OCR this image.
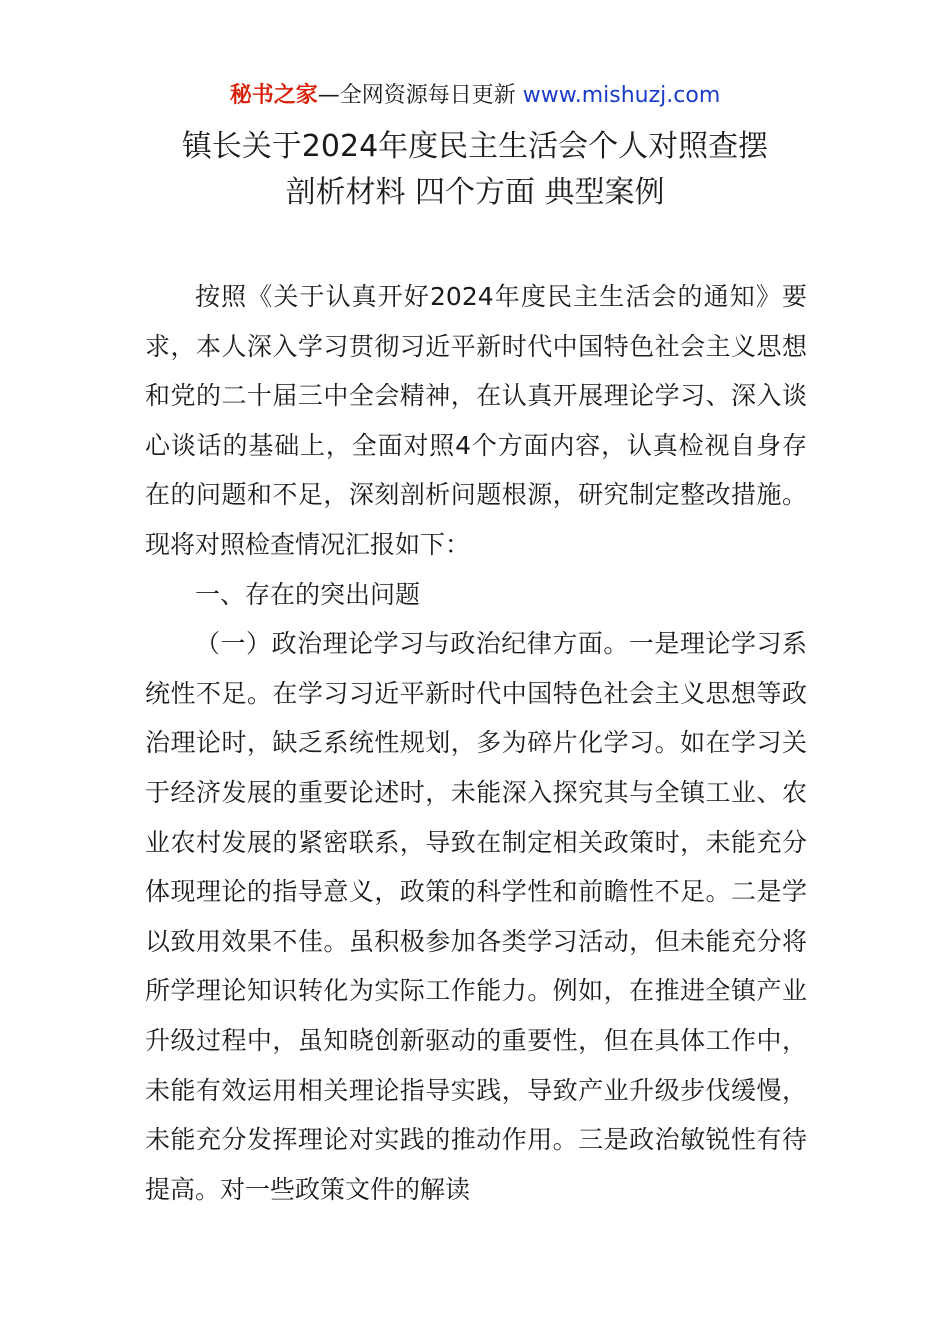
秘书之家—全网资源每日更新 www.mishuzj.com
镇长关于2024年度民主生活会个人对照查摆
剖析材料 四个方面 典型案例

按照《关于认真开好2024年度民主生活会的通知》要求，本人深入学习贯彻习近平新时代中国特色社会主义思想和党的二十届三中全会精神，在认真开展理论学习、深入谈心谈话的基础上，全面对照4个方面内容，认真检视自身存在的问题和不足，深刻剖析问题根源，研究制定整改措施。现将对照检查情况汇报如下：

一、存在的突出问题

（一）政治理论学习与政治纪律方面。一是理论学习系统性不足。在学习习近平新时代中国特色社会主义思想等政治理论时，缺乏系统性规划，多为碎片化学习。如在学习关于经济发展的重要论述时，未能深入探究其与全镇工业、农业农村发展的紧密联系，导致在制定相关政策时，未能充分体现理论的指导意义，政策的科学性和前瞻性不足。二是学以致用效果不佳。虽积极参加各类学习活动，但未能充分将所学理论知识转化为实际工作能力。例如，在推进全镇产业升级过程中，虽知晓创新驱动的重要性，但在具体工作中，未能有效运用相关理论指导实践，导致产业升级步伐缓慢，未能充分发挥理论对实践的推动作用。三是政治敏锐性有待提高。对一些政策文件的解读
